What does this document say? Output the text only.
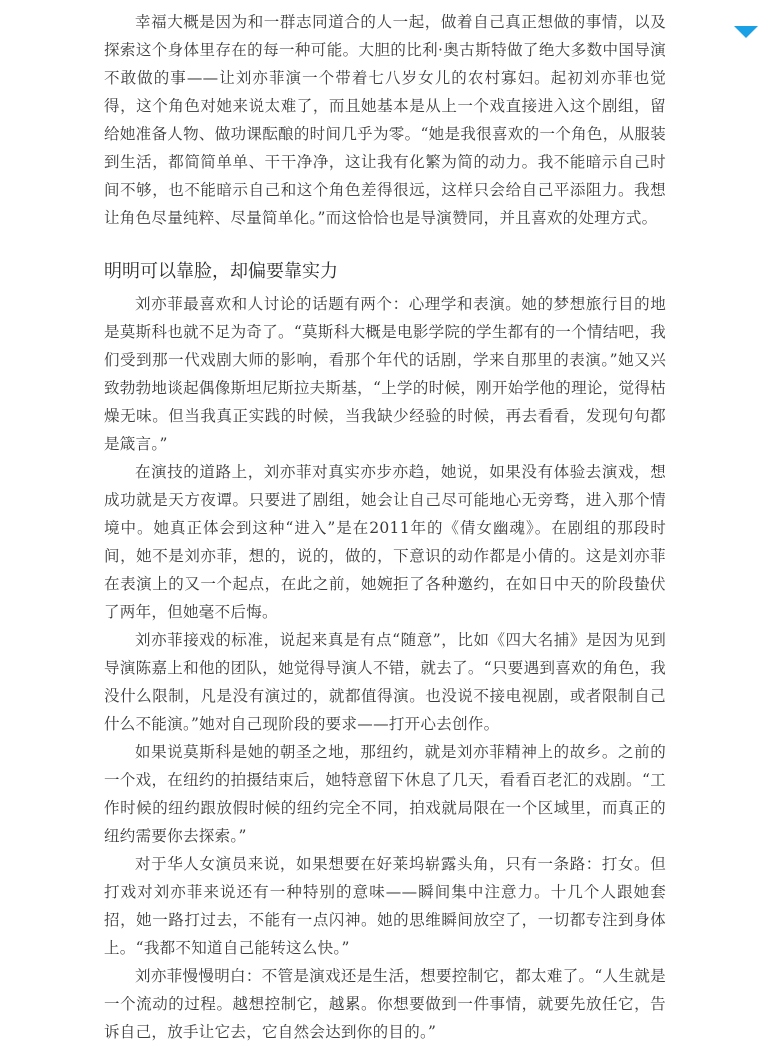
幸福大概是因为和一群志同道合的人一起，做着自己真正想做的事情，以及探索这个身体里存在的每一种可能。大胆的比利·奥古斯特做了绝大多数中国导演不敢做的事——让刘亦菲演一个带着七八岁女儿的农村寡妇。起初刘亦菲也觉得，这个角色对她来说太难了，而且她基本是从上一个戏直接进入这个剧组，留给她准备人物、做功课酝酿的时间几乎为零。“她是我很喜欢的一个角色，从服装到生活，都简简单单、干干净净，这让我有化繁为简的动力。我不能暗示自己时间不够，也不能暗示自己和这个角色差得很远，这样只会给自己平添阻力。我想让角色尽量纯粹、尽量简单化。”而这恰恰也是导演赞同，并且喜欢的处理方式。

明明可以靠脸，却偏要靠实力

刘亦菲最喜欢和人讨论的话题有两个：心理学和表演。她的梦想旅行目的地是莫斯科也就不足为奇了。“莫斯科大概是电影学院的学生都有的一个情结吧，我们受到那一代戏剧大师的影响，看那个年代的话剧，学来自那里的表演。”她又兴致勃勃地谈起偶像斯坦尼斯拉夫斯基，“上学的时候，刚开始学他的理论，觉得枯燥无味。但当我真正实践的时候，当我缺少经验的时候，再去看看，发现句句都是箴言。”

在演技的道路上，刘亦菲对真实亦步亦趋，她说，如果没有体验去演戏，想成功就是天方夜谭。只要进了剧组，她会让自己尽可能地心无旁骛，进入那个情境中。她真正体会到这种“进入”是在2011年的《倩女幽魂》。在剧组的那段时间，她不是刘亦菲，想的，说的，做的，下意识的动作都是小倩的。这是刘亦菲在表演上的又一个起点，在此之前，她婉拒了各种邀约，在如日中天的阶段蛰伏了两年，但她毫不后悔。

刘亦菲接戏的标准，说起来真是有点“随意”，比如《四大名捕》是因为见到导演陈嘉上和他的团队，她觉得导演人不错，就去了。“只要遇到喜欢的角色，我没什么限制，凡是没有演过的，就都值得演。也没说不接电视剧，或者限制自己什么不能演。”她对自己现阶段的要求——打开心去创作。

如果说莫斯科是她的朝圣之地，那纽约，就是刘亦菲精神上的故乡。之前的一个戏，在纽约的拍摄结束后，她特意留下休息了几天，看看百老汇的戏剧。“工作时候的纽约跟放假时候的纽约完全不同，拍戏就局限在一个区域里，而真正的纽约需要你去探索。”

对于华人女演员来说，如果想要在好莱坞崭露头角，只有一条路：打女。但打戏对刘亦菲来说还有一种特别的意味——瞬间集中注意力。十几个人跟她套招，她一路打过去，不能有一点闪神。她的思维瞬间放空了，一切都专注到身体上。“我都不知道自己能转这么快。”

刘亦菲慢慢明白：不管是演戏还是生活，想要控制它，都太难了。“人生就是一个流动的过程。越想控制它，越累。你想要做到一件事情，就要先放任它，告诉自己，放手让它去，它自然会达到你的目的。”
